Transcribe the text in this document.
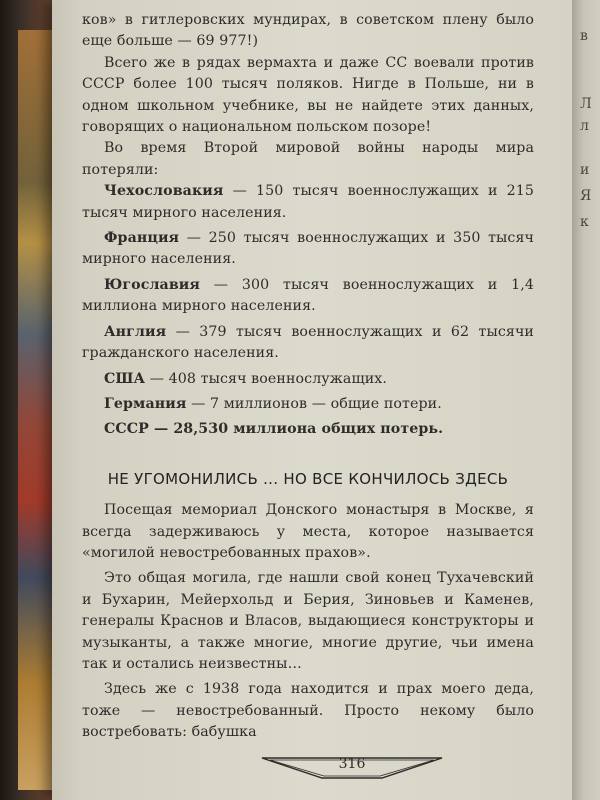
ков» в гитлеровских мундирах, в советском плену было еще больше — 69 977!)

Всего же в рядах вермахта и даже СС воевали против СССР более 100 тысяч поляков. Нигде в Польше, ни в одном школьном учебнике, вы не найдете этих данных, говорящих о национальном польском позоре!

Во время Второй мировой войны народы мира потеряли:

Чехословакия — 150 тысяч военнослужащих и 215 тысяч мирного населения.

Франция — 250 тысяч военнослужащих и 350 тысяч мирного населения.

Югославия — 300 тысяч военнослужащих и 1,4 миллиона мирного населения.

Англия — 379 тысяч военнослужащих и 62 тысячи гражданского населения.

США — 408 тысяч военнослужащих.

Германия — 7 миллионов — общие потери.

СССР — 28,530 миллиона общих потерь.

НЕ УГОМОНИЛИСЬ ... НО ВСЕ КОНЧИЛОСЬ ЗДЕСЬ

Посещая мемориал Донского монастыря в Москве, я всегда задерживаюсь у места, которое называется «могилой невостребованных прахов».

Это общая могила, где нашли свой конец Тухачевский и Бухарин, Мейерхольд и Берия, Зиновьев и Каменев, генералы Краснов и Власов, выдающиеся конструкторы и музыканты, а также многие, многие другие, чьи имена так и остались неизвестны…

Здесь же с 1938 года находится и прах моего деда, тоже — невостребованный. Просто некому было востребовать: бабушка

316
в
Л
л
и
Я
к
